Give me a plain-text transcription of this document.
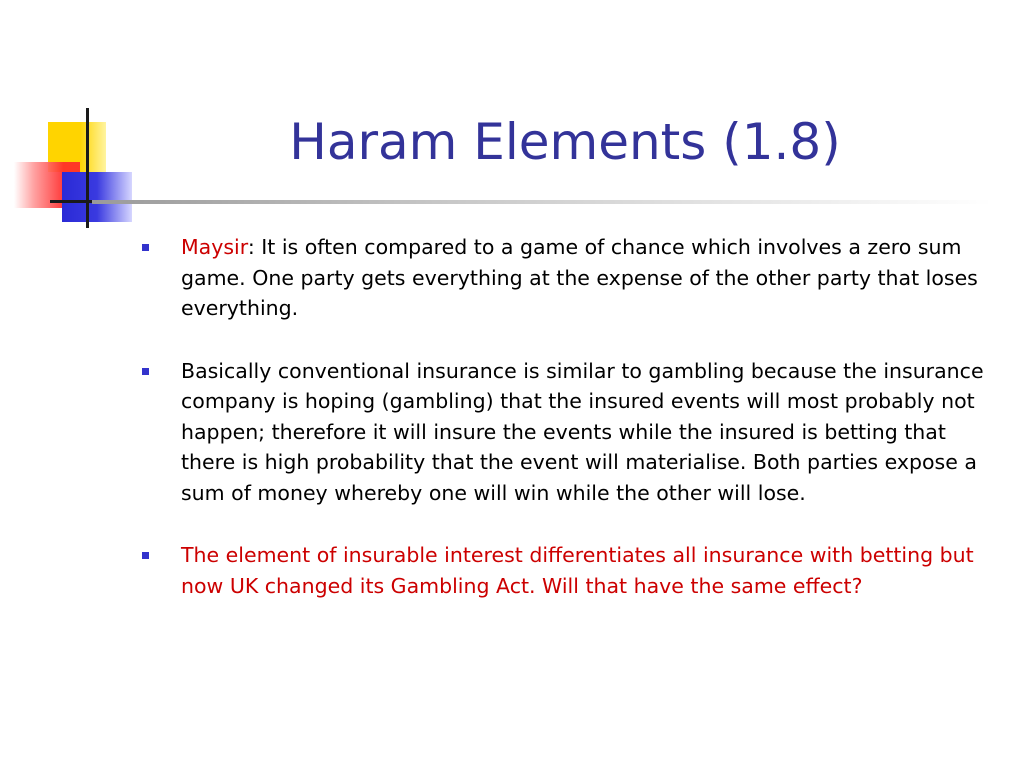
Haram Elements (1.8)
Maysir: It is often compared to a game of chance which involves a zero sum game. One party gets everything at the expense of the other party that loses everything.
Basically conventional insurance is similar to gambling because the insurance company is hoping (gambling) that the insured events will most probably not happen; therefore it will insure the events while the insured is betting that there is high probability that the event will materialise. Both parties expose a sum of money whereby one will win while the other will lose.
The element of insurable interest differentiates all insurance with betting but now UK changed its Gambling Act. Will that have the same effect?
